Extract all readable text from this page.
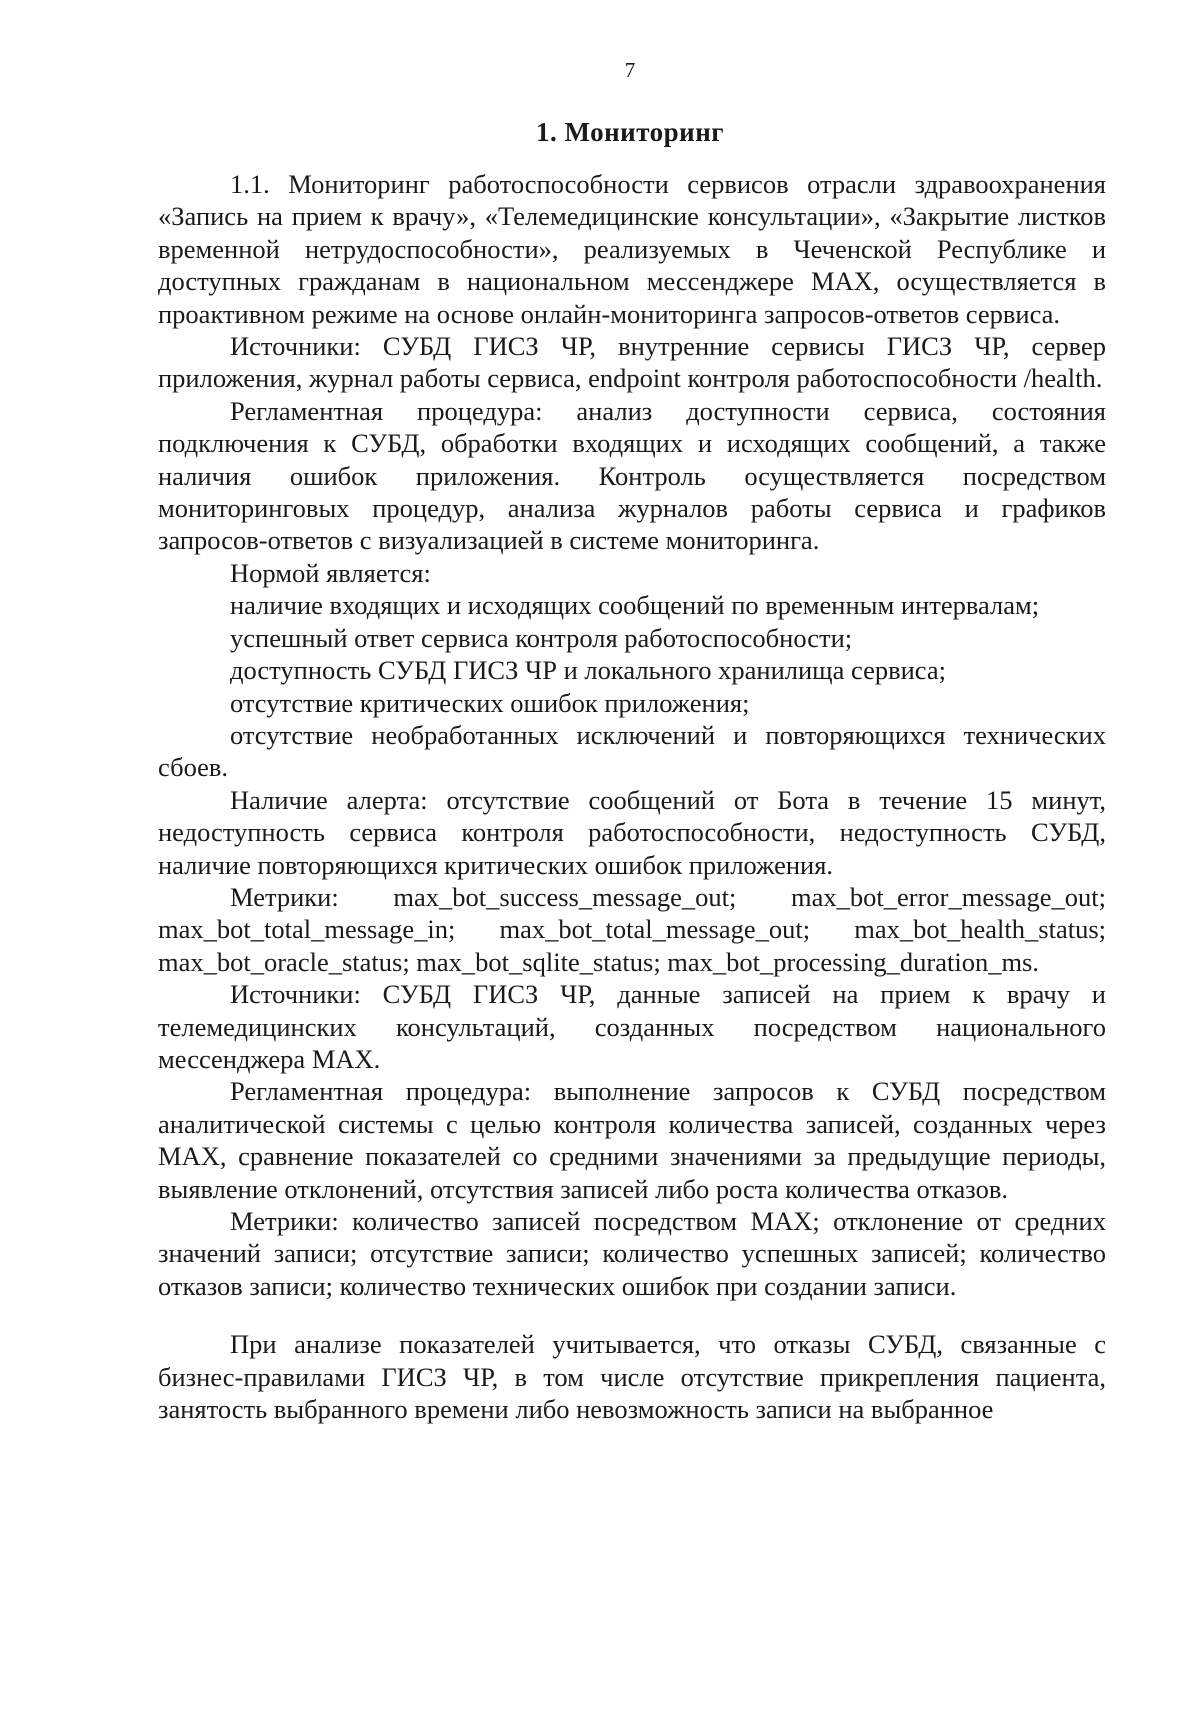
7
1. Мониторинг

1.1. Мониторинг работоспособности сервисов отрасли здравоохранения «Запись на прием к врачу», «Телемедицинские консультации», «Закрытие листков временной нетрудоспособности», реализуемых в Чеченской Республике и доступных гражданам в национальном мессенджере MAX, осуществляется в проактивном режиме на основе онлайн-мониторинга запросов-ответов сервиса.

Источники: СУБД ГИСЗ ЧР, внутренние сервисы ГИСЗ ЧР, сервер приложения, журнал работы сервиса, endpoint контроля работоспособности /health.

Регламентная процедура: анализ доступности сервиса, состояния подключения к СУБД, обработки входящих и исходящих сообщений, а также наличия ошибок приложения. Контроль осуществляется посредством мониторинговых процедур, анализа журналов работы сервиса и графиков запросов-ответов с визуализацией в системе мониторинга.

Нормой является:

наличие входящих и исходящих сообщений по временным интервалам;

успешный ответ сервиса контроля работоспособности;

доступность СУБД ГИСЗ ЧР и локального хранилища сервиса;

отсутствие критических ошибок приложения;

отсутствие необработанных исключений и повторяющихся технических сбоев.

Наличие алерта: отсутствие сообщений от Бота в течение 15 минут, недоступность сервиса контроля работоспособности, недоступность СУБД, наличие повторяющихся критических ошибок приложения.

Метрики: max_bot_success_message_out; max_bot_error_message_out; max_bot_total_message_in; max_bot_total_message_out; max_bot_health_status; max_bot_oracle_status; max_bot_sqlite_status; max_bot_processing_duration_ms.

Источники: СУБД ГИСЗ ЧР, данные записей на прием к врачу и телемедицинских консультаций, созданных посредством национального мессенджера MAX.

Регламентная процедура: выполнение запросов к СУБД посредством аналитической системы с целью контроля количества записей, созданных через MAX, сравнение показателей со средними значениями за предыдущие периоды, выявление отклонений, отсутствия записей либо роста количества отказов.

Метрики: количество записей посредством MAX; отклонение от средних значений записи; отсутствие записи; количество успешных записей; количество отказов записи; количество технических ошибок при создании записи.

При анализе показателей учитывается, что отказы СУБД, связанные с бизнес-правилами ГИСЗ ЧР, в том числе отсутствие прикрепления пациента, занятость выбранного времени либо невозможность записи на выбранное
